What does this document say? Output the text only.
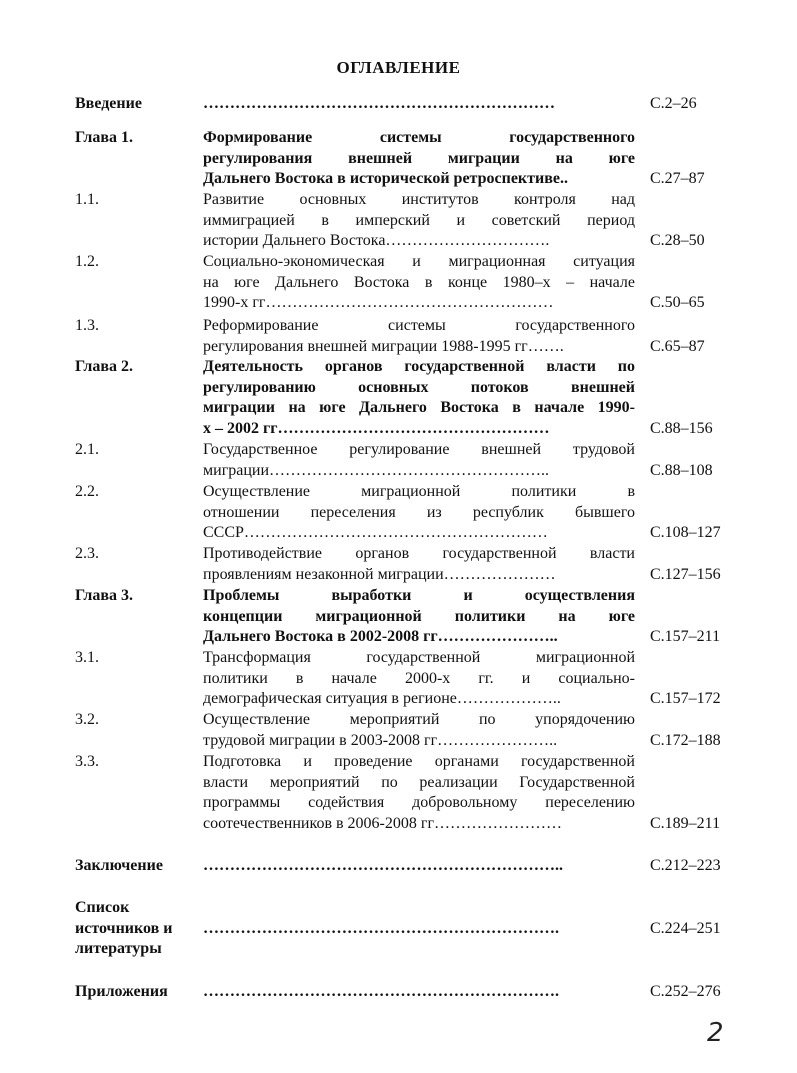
ОГЛАВЛЕНИЕ
Введение	…………………………………………………………	С.2–26
Глава 1.	Формирование системы государственного
регулирования внешней миграции на юге
Дальнего Востока в исторической ретроспективе..	С.27–87
1.1.	Развитие основных институтов контроля над
иммиграцией в имперский и советский период
истории Дальнего Востока………………………….	С.28–50
1.2.	Социально-экономическая и миграционная ситуация
на юге Дальнего Востока в конце 1980–х – начале
1990-х гг………………………………………………	С.50–65
1.3.	Реформирование системы государственного
регулирования внешней миграции 1988-1995 гг…….	С.65–87
Глава 2.	Деятельность органов государственной власти по
регулированию основных потоков внешней
миграции на юге Дальнего Востока в начале 1990-
х – 2002 гг……………………………………………	С.88–156
2.1.	Государственное регулирование внешней трудовой
миграции……………………………………………..	С.88–108
2.2.	Осуществление миграционной политики в
отношении переселения из республик бывшего
СССР…………………………………………………	С.108–127
2.3.	Противодействие органов государственной власти
проявлениям незаконной миграции…………………	С.127–156
Глава 3.	Проблемы выработки и осуществления
концепции миграционной политики на юге
Дальнего Востока в 2002-2008 гг…………………..	С.157–211
3.1.	Трансформация государственной миграционной
политики в начале 2000-х гг. и социально-
демографическая ситуация в регионе………………..	С.157–172
3.2.	Осуществление мероприятий по упорядочению
трудовой миграции в 2003-2008 гг…………………..	С.172–188
3.3.	Подготовка и проведение органами государственной
власти мероприятий по реализации Государственной
программы содействия добровольному переселению
соотечественников в 2006-2008 гг……………………	С.189–211
Заключение	…………………………………………………………..	С.212–223
Список
источников и
литературы
………………………………………………………….	С.224–251
Приложения ………………………………………………………….	С.252–276
2
